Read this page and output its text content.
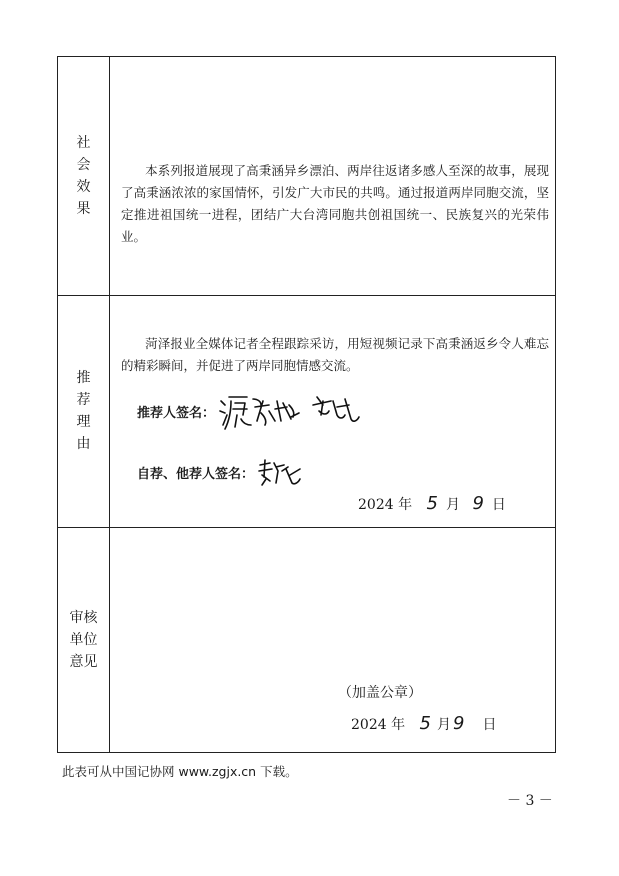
社会效果
本系列报道展现了高秉涵异乡漂泊、两岸往返诸多感人至深的故事，展现了高秉涵浓浓的家国情怀，引发广大市民的共鸣。通过报道两岸同胞交流，坚定推进祖国统一进程，团结广大台湾同胞共创祖国统一、民族复兴的光荣伟业。
推荐理由
菏泽报业全媒体记者全程跟踪采访，用短视频记录下高秉涵返乡令人难忘的精彩瞬间，并促进了两岸同胞情感交流。
推荐人签名：
自荐、他荐人签名：
2024 年 5 月 9 日
审核单位意见
（加盖公章）
2024 年 5 月 9 日
此表可从中国记协网 www.zgjx.cn 下载。
－ 3 －
